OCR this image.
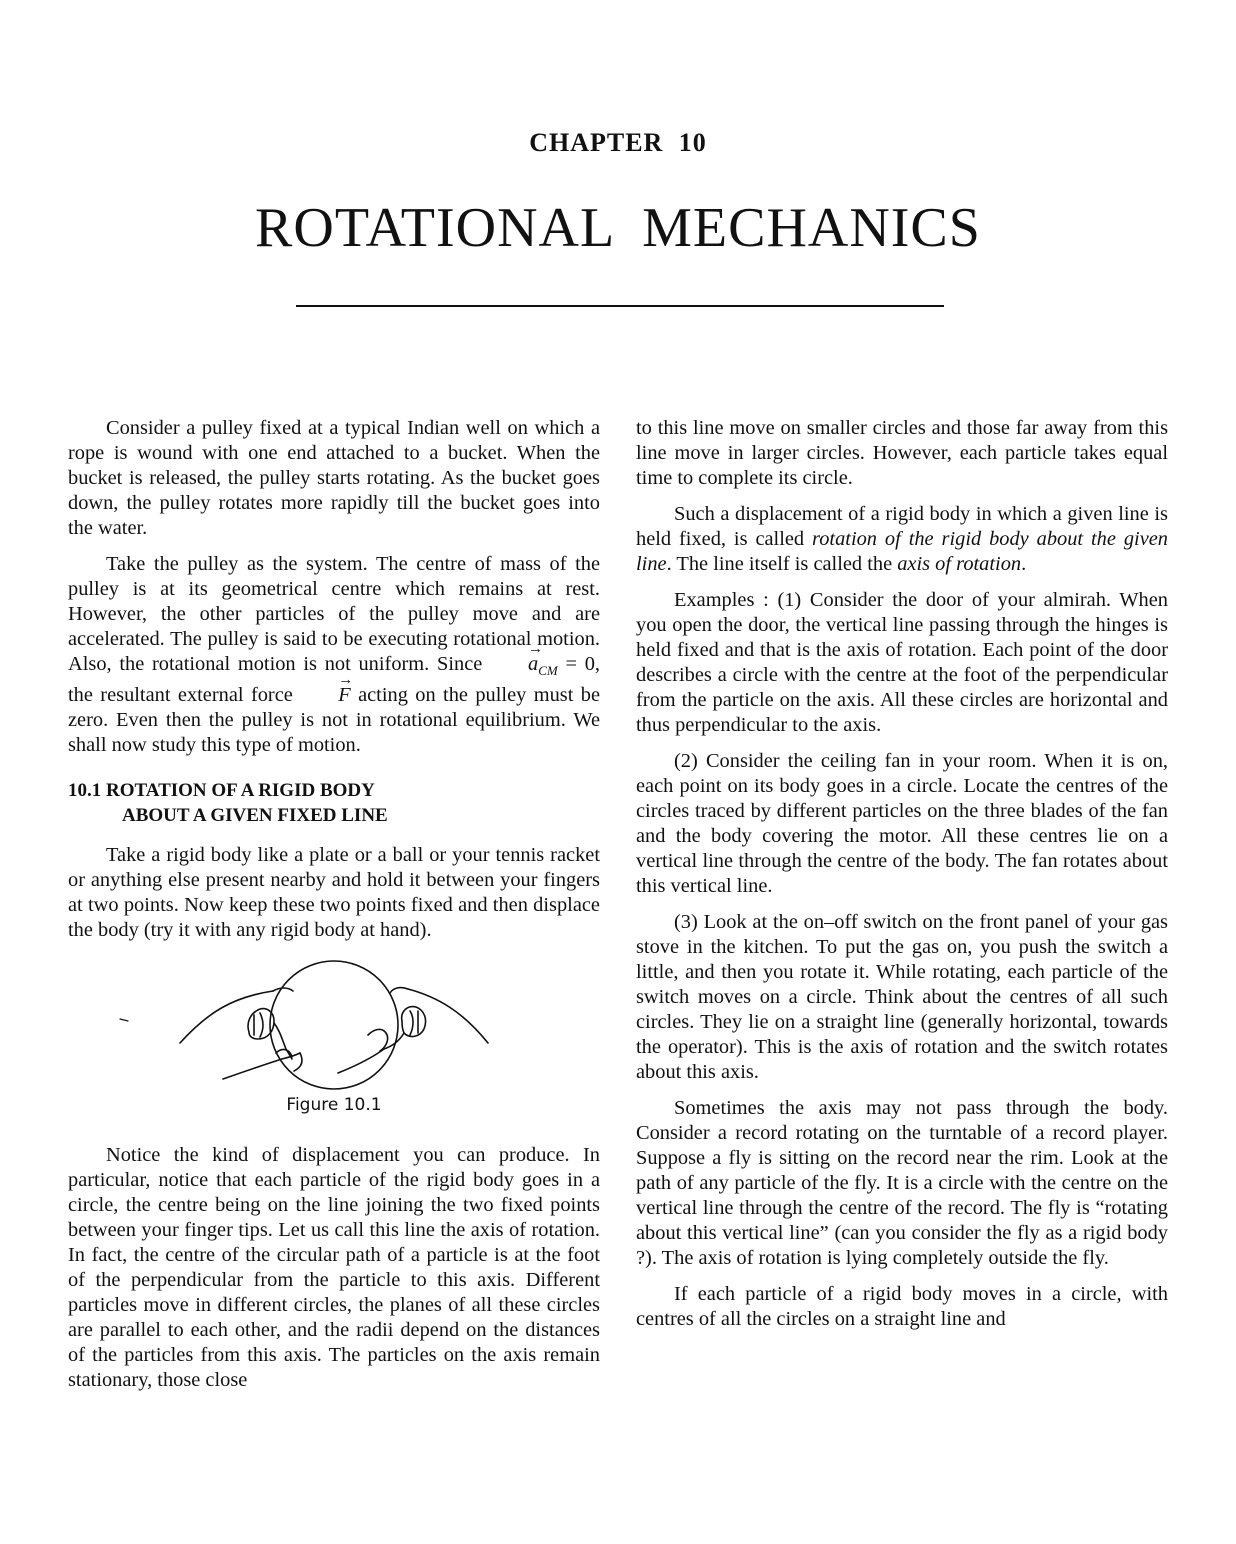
CHAPTER 10
ROTATIONAL MECHANICS

Consider a pulley fixed at a typical Indian well on which a rope is wound with one end attached to a bucket. When the bucket is released, the pulley starts rotating. As the bucket goes down, the pulley rotates more rapidly till the bucket goes into the water.

Take the pulley as the system. The centre of mass of the pulley is at its geometrical centre which remains at rest. However, the other particles of the pulley move and are accelerated. The pulley is said to be executing rotational motion. Also, the rotational motion is not uniform. Since → $a_{CM} = 0$, the resultant external force → F acting on the pulley must be zero. Even then the pulley is not in rotational equilibrium. We shall now study this type of motion.

10.1 ROTATION OF A RIGID BODY
ABOUT A GIVEN FIXED LINE

Take a rigid body like a plate or a ball or your tennis racket or anything else present nearby and hold it between your fingers at two points. Now keep these two points fixed and then displace the body (try it with any rigid body at hand).

Figure 10.1

Notice the kind of displacement you can produce. In particular, notice that each particle of the rigid body goes in a circle, the centre being on the line joining the two fixed points between your finger tips. Let us call this line the axis of rotation. In fact, the centre of the circular path of a particle is at the foot of the perpendicular from the particle to this axis. Different particles move in different circles, the planes of all these circles are parallel to each other, and the radii depend on the distances of the particles from this axis. The particles on the axis remain stationary, those close

to this line move on smaller circles and those far away from this line move in larger circles. However, each particle takes equal time to complete its circle.

Such a displacement of a rigid body in which a given line is held fixed, is called rotation of the rigid body about the given line. The line itself is called the axis of rotation.

Examples : (1) Consider the door of your almirah. When you open the door, the vertical line passing through the hinges is held fixed and that is the axis of rotation. Each point of the door describes a circle with the centre at the foot of the perpendicular from the particle on the axis. All these circles are horizontal and thus perpendicular to the axis.

(2) Consider the ceiling fan in your room. When it is on, each point on its body goes in a circle. Locate the centres of the circles traced by different particles on the three blades of the fan and the body covering the motor. All these centres lie on a vertical line through the centre of the body. The fan rotates about this vertical line.

(3) Look at the on–off switch on the front panel of your gas stove in the kitchen. To put the gas on, you push the switch a little, and then you rotate it. While rotating, each particle of the switch moves on a circle. Think about the centres of all such circles. They lie on a straight line (generally horizontal, towards the operator). This is the axis of rotation and the switch rotates about this axis.

Sometimes the axis may not pass through the body. Consider a record rotating on the turntable of a record player. Suppose a fly is sitting on the record near the rim. Look at the path of any particle of the fly. It is a circle with the centre on the vertical line through the centre of the record. The fly is “rotating about this vertical line” (can you consider the fly as a rigid body ?). The axis of rotation is lying completely outside the fly.

If each particle of a rigid body moves in a circle, with centres of all the circles on a straight line and
